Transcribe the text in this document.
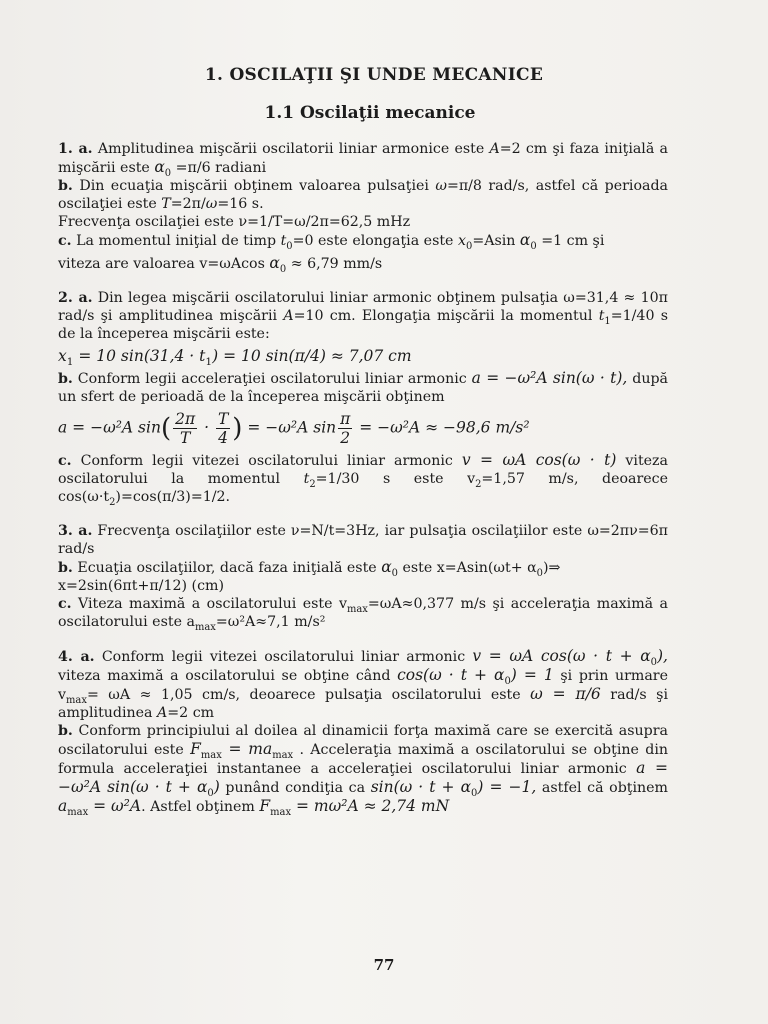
1. OSCILAŢII ŞI UNDE MECANICE
1.1 Oscilaţii mecanice

1. a. Amplitudinea mişcării oscilatorii liniar armonice este A=2 cm şi faza iniţială a mişcării este $\alpha_0 =\pi/6$ radiani

b. Din ecuaţia mişcării obţinem valoarea pulsaţiei ω=π/8 rad/s, astfel că perioada oscilaţiei este T=2π/ω=16 s.

Frecvenţa oscilaţiei este ν=1/T=ω/2π=62,5 mHz

c. La momentul iniţial de timp $t_0=0$ este elongaţia este $x_0=Asin$ $\alpha_0 =1$ cm şi

viteza are valoarea v=ωAcos $\alpha_0 \approx 6,79$ mm/s

2. a. Din legea mişcării oscilatorului liniar armonic obţinem pulsaţia ω=31,4 ≈ 10π rad/s şi amplitudinea mişcării A=10 cm. Elongaţia mişcării la momentul $t_1=1/40$ s de la începerea mişcării este:

$x_1 = 10$ $\sin(31,4 \cdot t_1) = 10$ sin(π/4) ≈ 7,07 cm

b. Conform legii acceleraţiei oscilatorului liniar armonic a = −ω²A sin(ω · t), după un sfert de perioadă de la începerea mişcării obţinem

a = −ω²A $\sin( \frac{2\pi}{T} \cdot \frac{T}{4}$ ) = −ω²A $\sin \frac{\pi}{2} = -\omega^2A \approx -98,6$ m/s²

c. Conform legii vitezei oscilatorului liniar armonic v = ωA cos(ω · t) viteza oscilatorului la momentul $t_2=1/30$ s este $v_2=1,57$ m/s, deoarece $\cos(\omega\cdot t_2)=\cos(\pi/3)=1/2$.

3. a. Frecvenţa oscilaţiilor este ν=N/t=3Hz, iar pulsaţia oscilaţiilor este ω=2πν=6π rad/s

b. Ecuaţia oscilaţiilor, dacă faza iniţială este $\alpha_0$ este $x=Asin(\omega t+ \alpha_0)\Rightarrow$

x=2sin(6πt+π/12) (cm)

c. Viteza maximă a oscilatorului este $v_{max}=\omega A\approx 0,377$ m/s şi acceleraţia maximă a oscilatorului este $a_{max}=\omega^2A\approx 7,1$ m/s²

4. a. Conform legii vitezei oscilatorului liniar armonic v = ωA $\cos(\omega \cdot t + \alpha_0)$, viteza maximă a oscilatorului se obţine când $\cos(\omega \cdot t + \alpha_0) = 1$ şi prin urmare $v_{max}= \omega A \approx 1,05$ cm/s, deoarece pulsaţia oscilatorului este ω = π/6 rad/s şi amplitudinea A=2 cm

b. Conform principiului al doilea al dinamicii forţa maximă care se exercită asupra oscilatorului este $F_{max} = ma_{max}$ . Acceleraţia maximă a oscilatorului se obţine din formula acceleraţiei instantanee a acceleraţiei oscilatorului liniar armonic a = −ω²A $\sin(\omega \cdot t + \alpha_0)$ punând condiţia ca $\sin(\omega \cdot t + \alpha_0) = -1$, astfel că obţinem $a_{max} = \omega^2A$. Astfel obţinem $F_{max} = m\omega^2A \approx 2,74$ mN

77
